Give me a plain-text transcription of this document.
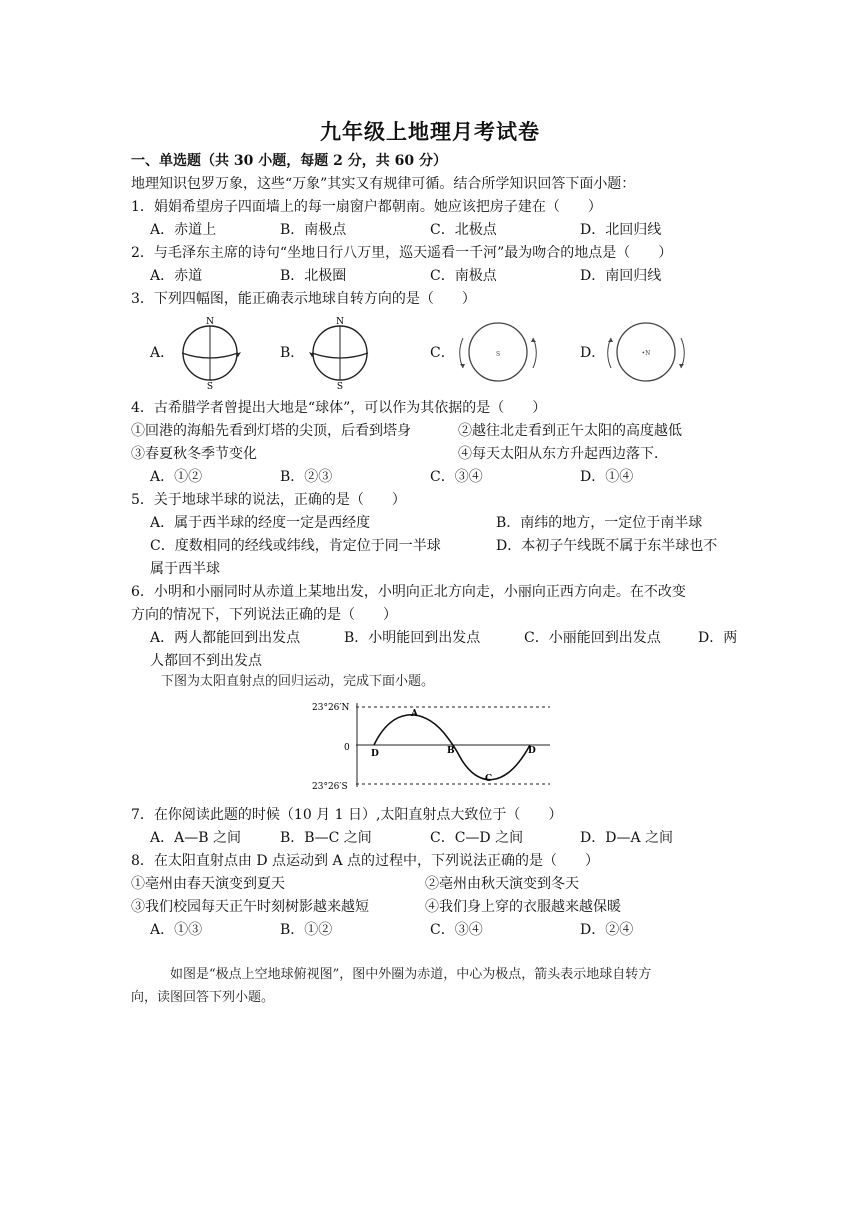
九年级上地理月考试卷
一、单选题（共 30 小题，每题 2 分，共 60 分）
地理知识包罗万象，这些“万象”其实又有规律可循。结合所学知识回答下面小题：
1．娟娟希望房子四面墙上的每一扇窗户都朝南。她应该把房子建在（　　）
A．赤道上	B．南极点	C．北极点	D．北回归线
2．与毛泽东主席的诗句“坐地日行八万里，巡天遥看一千河”最为吻合的地点是（　　）
A．赤道	B．北极圈	C．南极点	D．南回归线
3．下列四幅图，能正确表示地球自转方向的是（　　）
A．	B．	C．	D．
N
S
N
S
S	•N
4．古希腊学者曾提出大地是“球体”，可以作为其依据的是（　　）
①回港的海船先看到灯塔的尖顶，后看到塔身	②越往北走看到正午太阳的高度越低
③春夏秋冬季节变化	④每天太阳从东方升起西边落下．
A．①②	B．②③	C．③④	D．①④
5．关于地球半球的说法，正确的是（　　）
A．属于西半球的经度一定是西经度	B．南纬的地方，一定位于南半球
C．度数相同的经线或纬线，肯定位于同一半球	D．本初子午线既不属于东半球也不
属于西半球
6．小明和小丽同时从赤道上某地出发，小明向正北方向走，小丽向正西方向走。在不改变
方向的情况下，下列说法正确的是（　　）
A．两人都能回到出发点	B．小明能回到出发点	C．小丽能回到出发点	D．两
人都回不到出发点
下图为太阳直射点的回归运动，完成下面小题。
23°26′N
0
23°26′S
A
B
C
D	D
7．在你阅读此题的时候（10 月 1 日）,太阳直射点大致位于（　　）
A．A—B 之间	B．B—C 之间	C．C—D 之间	D．D—A 之间
8．在太阳直射点由 D 点运动到 A 点的过程中，下列说法正确的是（　　）
①亳州由春天演变到夏天	②亳州由秋天演变到冬天
③我们校园每天正午时刻树影越来越短	④我们身上穿的衣服越来越保暖
A．①③	B．①②	C．③④	D．②④
如图是“极点上空地球俯视图”，图中外圈为赤道，中心为极点，箭头表示地球自转方
向，读图回答下列小题。
